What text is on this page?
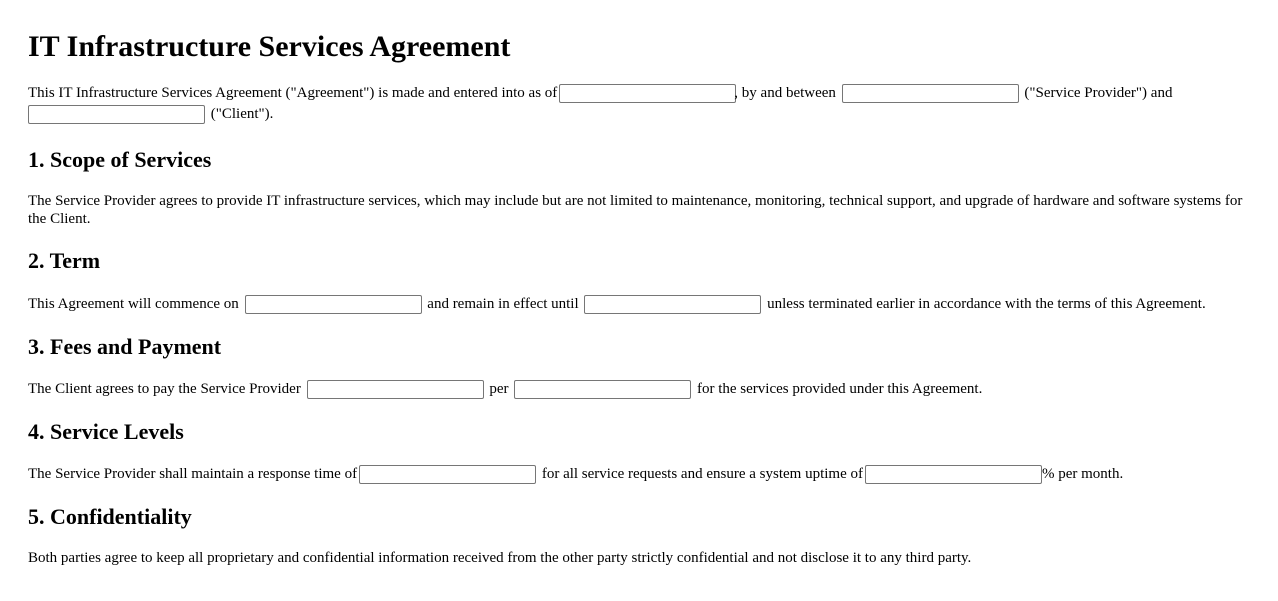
IT Infrastructure Services Agreement

This IT Infrastructure Services Agreement ("Agreement") is made and entered into as of	, by and between	("Service Provider") and  ("Client").

1. Scope of Services

The Service Provider agrees to provide IT infrastructure services, which may include but are not limited to maintenance, monitoring, technical support, and upgrade of hardware and software systems for the Client.

2. Term

This Agreement will commence on	and remain in effect until	unless terminated earlier in accordance with the terms of this Agreement.

3. Fees and Payment

The Client agrees to pay the Service Provider	per	for the services provided under this Agreement.

4. Service Levels

The Service Provider shall maintain a response time of	for all service requests and ensure a system uptime of	% per month.

5. Confidentiality

Both parties agree to keep all proprietary and confidential information received from the other party strictly confidential and not disclose it to any third party.
